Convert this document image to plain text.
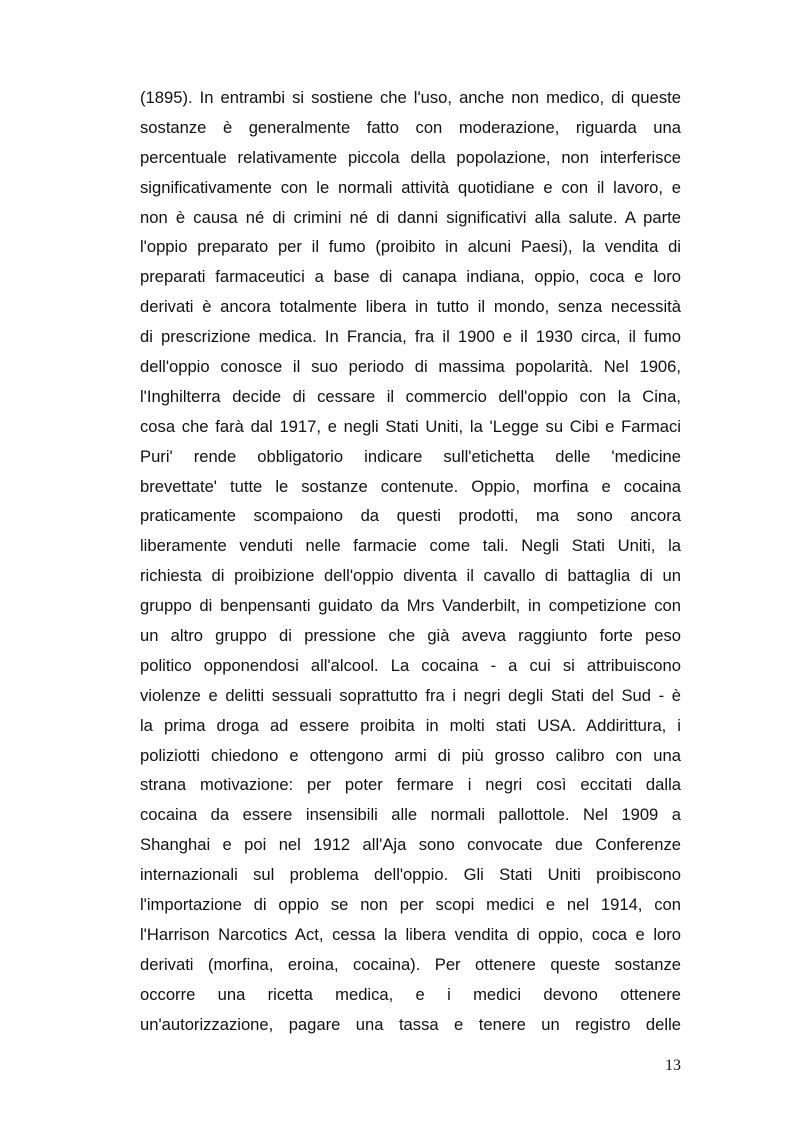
(1895). In entrambi si sostiene che l'uso, anche non medico, di queste
sostanze è generalmente fatto con moderazione, riguarda una
percentuale relativamente piccola della popolazione, non interferisce
significativamente con le normali attività quotidiane e con il lavoro, e
non è causa né di crimini né di danni significativi alla salute. A parte
l'oppio preparato per il fumo (proibito in alcuni Paesi), la vendita di
preparati farmaceutici a base di canapa indiana, oppio, coca e loro
derivati è ancora totalmente libera in tutto il mondo, senza necessità
di prescrizione medica. In Francia, fra il 1900 e il 1930 circa, il fumo
dell'oppio conosce il suo periodo di massima popolarità. Nel 1906,
l'Inghilterra decide di cessare il commercio dell'oppio con la Cina,
cosa che farà dal 1917, e negli Stati Uniti, la 'Legge su Cibi e Farmaci
Puri' rende obbligatorio indicare sull'etichetta delle 'medicine
brevettate' tutte le sostanze contenute. Oppio, morfina e cocaina
praticamente scompaiono da questi prodotti, ma sono ancora
liberamente venduti nelle farmacie come tali. Negli Stati Uniti, la
richiesta di proibizione dell'oppio diventa il cavallo di battaglia di un
gruppo di benpensanti guidato da Mrs Vanderbilt, in competizione con
un altro gruppo di pressione che già aveva raggiunto forte peso
politico opponendosi all'alcool. La cocaina - a cui si attribuiscono
violenze e delitti sessuali soprattutto fra i negri degli Stati del Sud - è
la prima droga ad essere proibita in molti stati USA. Addirittura, i
poliziotti chiedono e ottengono armi di più grosso calibro con una
strana motivazione: per poter fermare i negri così eccitati dalla
cocaina da essere insensibili alle normali pallottole. Nel 1909 a
Shanghai e poi nel 1912 all'Aja sono convocate due Conferenze
internazionali sul problema dell'oppio. Gli Stati Uniti proibiscono
l'importazione di oppio se non per scopi medici e nel 1914, con
l'Harrison Narcotics Act, cessa la libera vendita di oppio, coca e loro
derivati (morfina, eroina, cocaina). Per ottenere queste sostanze
occorre una ricetta medica, e i medici devono ottenere
un'autorizzazione, pagare una tassa e tenere un registro delle
13
